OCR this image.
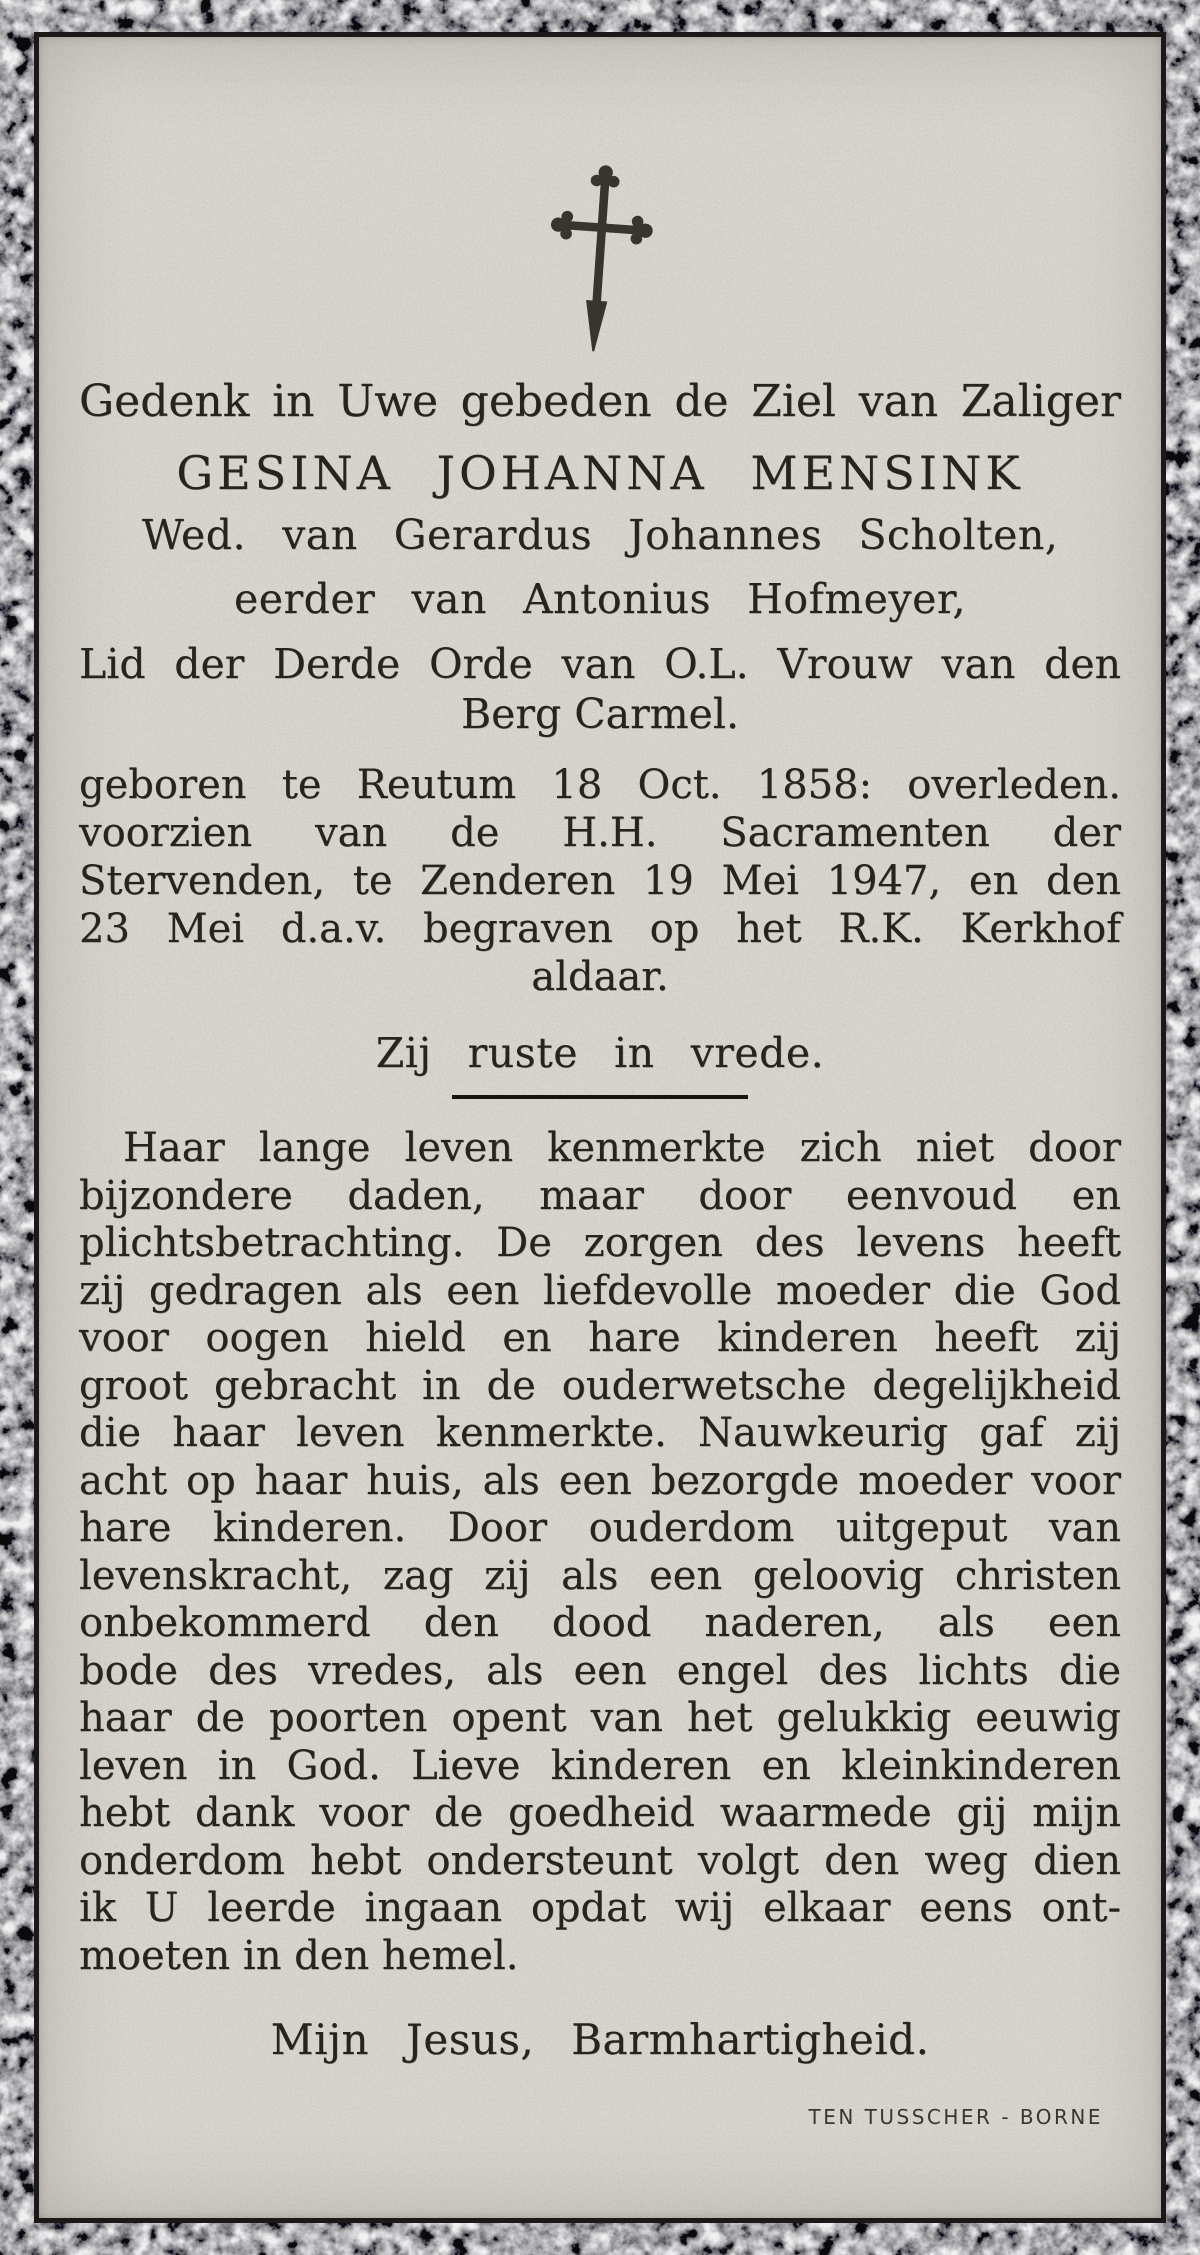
Gedenk in Uwe gebeden de Ziel van Zaliger
GESINA JOHANNA MENSINK
Wed. van Gerardus Johannes Scholten,
eerder van Antonius Hofmeyer,
Lid der Derde Orde van O.L. Vrouw van den
Berg Carmel.
geboren te Reutum 18 Oct. 1858: overleden.
voorzien van de H.H. Sacramenten der
Stervenden, te Zenderen 19 Mei 1947, en den
23 Mei d.a.v. begraven op het R.K. Kerkhof
aldaar.
Zij ruste in vrede.
Haar lange leven kenmerkte zich niet door
bijzondere daden, maar door eenvoud en
plichtsbetrachting. De zorgen des levens heeft
zij gedragen als een liefdevolle moeder die God
voor oogen hield en hare kinderen heeft zij
groot gebracht in de ouderwetsche degelijkheid
die haar leven kenmerkte. Nauwkeurig gaf zij
acht op haar huis, als een bezorgde moeder voor
hare kinderen. Door ouderdom uitgeput van
levenskracht, zag zij als een geloovig christen
onbekommerd den dood naderen, als een
bode des vredes, als een engel des lichts die
haar de poorten opent van het gelukkig eeuwig
leven in God. Lieve kinderen en kleinkinderen
hebt dank voor de goedheid waarmede gij mijn
onderdom hebt ondersteunt volgt den weg dien
ik U leerde ingaan opdat wij elkaar eens ont-
moeten in den hemel.
Mijn Jesus, Barmhartigheid.
TEN TUSSCHER - BORNE
